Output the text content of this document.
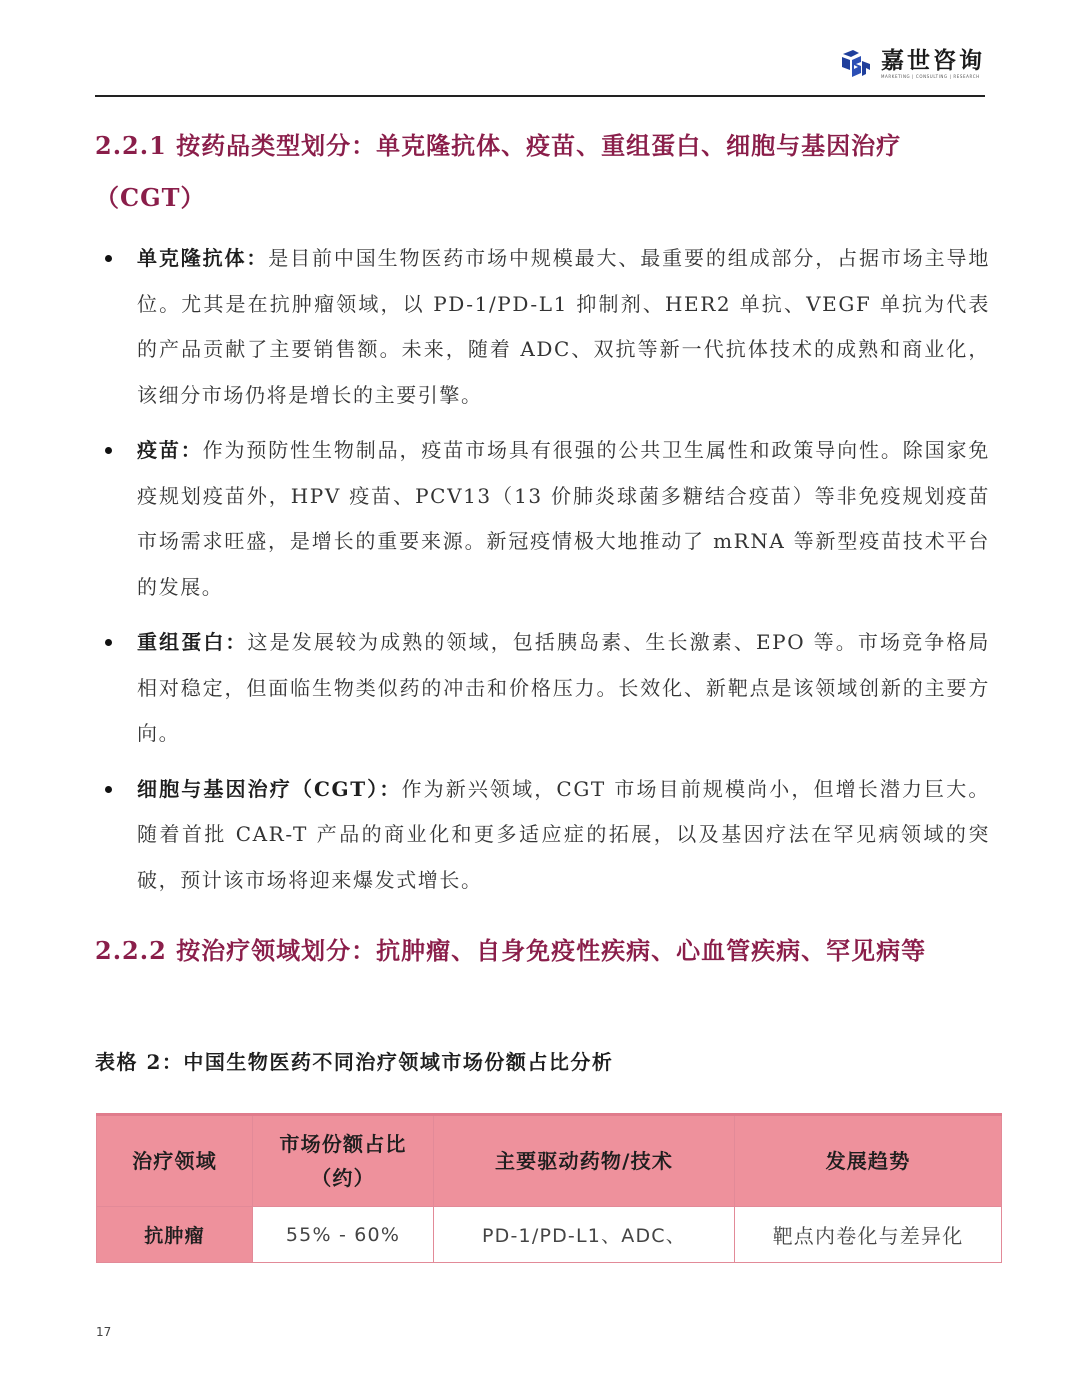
嘉世咨询
MARKETING | CONSULTING | RESEARCH
2.2.1 按药品类型划分：单克隆抗体、疫苗、重组蛋白、细胞与基因治疗（CGT）
单克隆抗体：是目前中国生物医药市场中规模最大、最重要的组成部分，占据市场主导地位。尤其是在抗肿瘤领域，以 PD-1/PD-L1 抑制剂、HER2 单抗、VEGF 单抗为代表的产品贡献了主要销售额。未来，随着 ADC、双抗等新一代抗体技术的成熟和商业化，该细分市场仍将是增长的主要引擎。
疫苗：作为预防性生物制品，疫苗市场具有很强的公共卫生属性和政策导向性。除国家免疫规划疫苗外，HPV 疫苗、PCV13（13 价肺炎球菌多糖结合疫苗）等非免疫规划疫苗市场需求旺盛，是增长的重要来源。新冠疫情极大地推动了 mRNA 等新型疫苗技术平台的发展。
重组蛋白：这是发展较为成熟的领域，包括胰岛素、生长激素、EPO 等。市场竞争格局相对稳定，但面临生物类似药的冲击和价格压力。长效化、新靶点是该领域创新的主要方向。
细胞与基因治疗（CGT）：作为新兴领域，CGT 市场目前规模尚小，但增长潜力巨大。随着首批 CAR-T 产品的商业化和更多适应症的拓展，以及基因疗法在罕见病领域的突破，预计该市场将迎来爆发式增长。
2.2.2 按治疗领域划分：抗肿瘤、自身免疫性疾病、心血管疾病、罕见病等
表格 2：中国生物医药不同治疗领域市场份额占比分析
治疗领域	市场份额占比（约）	主要驱动药物/技术	发展趋势
抗肿瘤	55% - 60%	PD-1/PD-L1、ADC、	靶点内卷化与差异化
17
